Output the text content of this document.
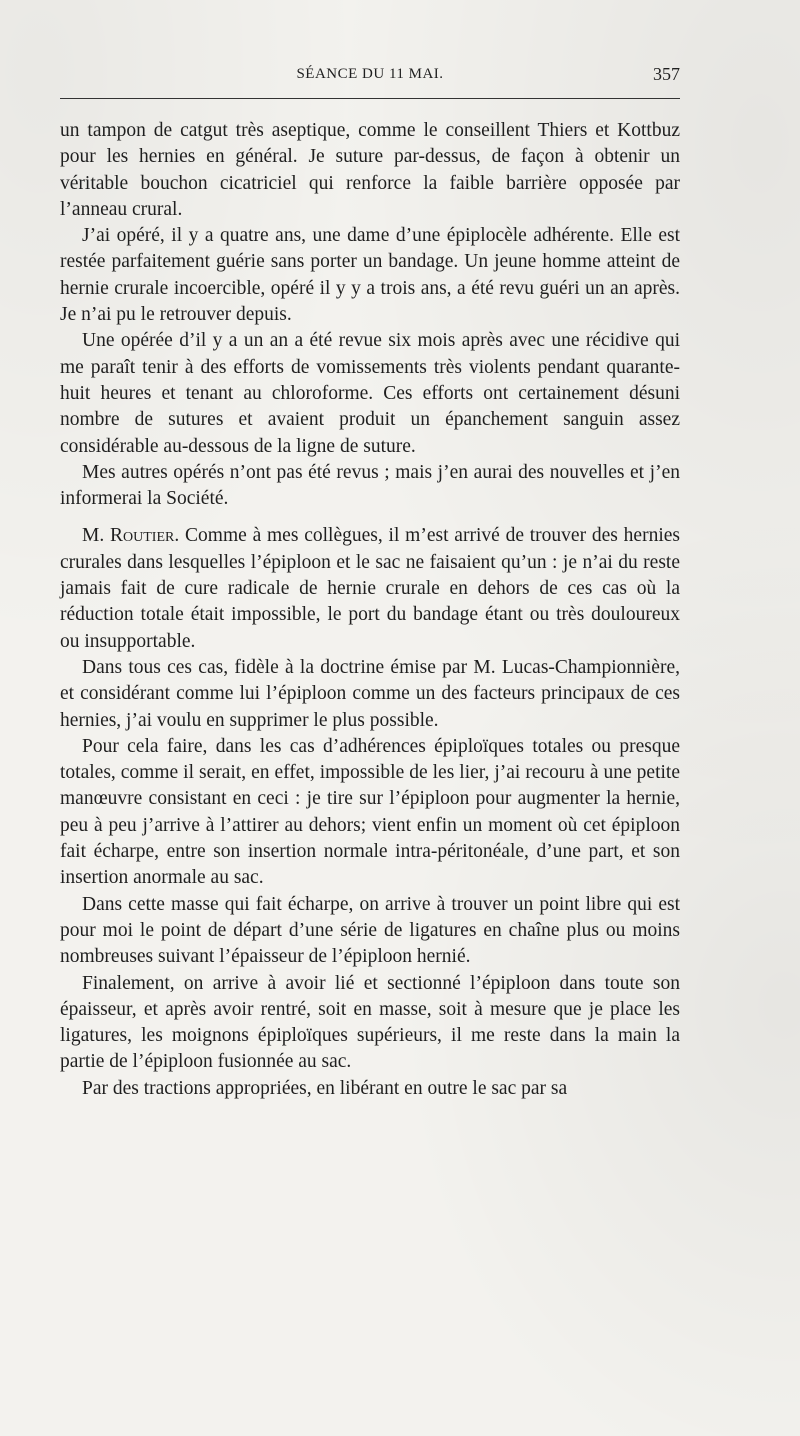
SÉANCE DU 11 MAI.	357

un tampon de catgut très aseptique, comme le conseillent Thiers et Kottbuz pour les hernies en général. Je suture par-dessus, de façon à obtenir un véritable bouchon cicatriciel qui renforce la faible barrière opposée par l’anneau crural.

J’ai opéré, il y a quatre ans, une dame d’une épiplocèle adhérente. Elle est restée parfaitement guérie sans porter un bandage. Un jeune homme atteint de hernie crurale incoercible, opéré il y y a trois ans, a été revu guéri un an après. Je n’ai pu le retrouver depuis.

Une opérée d’il y a un an a été revue six mois après avec une récidive qui me paraît tenir à des efforts de vomissements très violents pendant quarante-huit heures et tenant au chloroforme. Ces efforts ont certainement désuni nombre de sutures et avaient produit un épanchement sanguin assez considérable au-dessous de la ligne de suture.

Mes autres opérés n’ont pas été revus ; mais j’en aurai des nouvelles et j’en informerai la Société.

M. Routier. Comme à mes collègues, il m’est arrivé de trouver des hernies crurales dans lesquelles l’épiploon et le sac ne faisaient qu’un : je n’ai du reste jamais fait de cure radicale de hernie crurale en dehors de ces cas où la réduction totale était impossible, le port du bandage étant ou très douloureux ou insupportable.

Dans tous ces cas, fidèle à la doctrine émise par M. Lucas-Championnière, et considérant comme lui l’épiploon comme un des facteurs principaux de ces hernies, j’ai voulu en supprimer le plus possible.

Pour cela faire, dans les cas d’adhérences épiploïques totales ou presque totales, comme il serait, en effet, impossible de les lier, j’ai recouru à une petite manœuvre consistant en ceci : je tire sur l’épiploon pour augmenter la hernie, peu à peu j’arrive à l’attirer au dehors; vient enfin un moment où cet épiploon fait écharpe, entre son insertion normale intra-péritonéale, d’une part, et son insertion anormale au sac.

Dans cette masse qui fait écharpe, on arrive à trouver un point libre qui est pour moi le point de départ d’une série de ligatures en chaîne plus ou moins nombreuses suivant l’épaisseur de l’épiploon hernié.

Finalement, on arrive à avoir lié et sectionné l’épiploon dans toute son épaisseur, et après avoir rentré, soit en masse, soit à mesure que je place les ligatures, les moignons épiploïques supérieurs, il me reste dans la main la partie de l’épiploon fusionnée au sac.

Par des tractions appropriées, en libérant en outre le sac par sa
